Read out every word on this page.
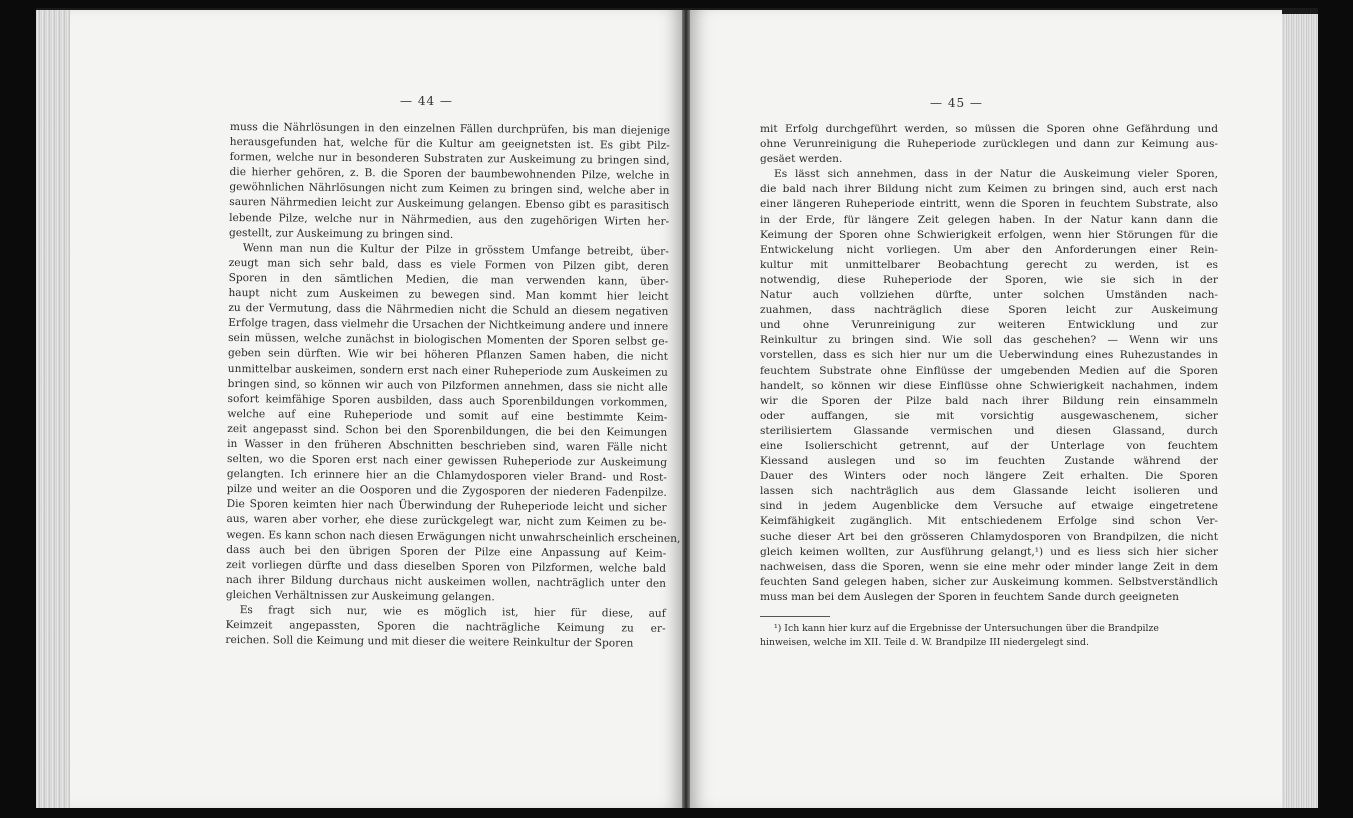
— 44 —
muss die Nährlösungen in den einzelnen Fällen durchprüfen, bis man diejenige
herausgefunden hat, welche für die Kultur am geeignetsten ist. Es gibt Pilz-
formen, welche nur in besonderen Substraten zur Auskeimung zu bringen sind,
die hierher gehören, z. B. die Sporen der baumbewohnenden Pilze, welche in
gewöhnlichen Nährlösungen nicht zum Keimen zu bringen sind, welche aber in
sauren Nährmedien leicht zur Auskeimung gelangen. Ebenso gibt es parasitisch
lebende Pilze, welche nur in Nährmedien, aus den zugehörigen Wirten her-
gestellt, zur Auskeimung zu bringen sind.
Wenn man nun die Kultur der Pilze in grösstem Umfange betreibt, über-
zeugt man sich sehr bald, dass es viele Formen von Pilzen gibt, deren
Sporen in den sämtlichen Medien, die man verwenden kann, über-
haupt nicht zum Auskeimen zu bewegen sind. Man kommt hier leicht
zu der Vermutung, dass die Nährmedien nicht die Schuld an diesem negativen
Erfolge tragen, dass vielmehr die Ursachen der Nichtkeimung andere und innere
sein müssen, welche zunächst in biologischen Momenten der Sporen selbst ge-
geben sein dürften. Wie wir bei höheren Pflanzen Samen haben, die nicht
unmittelbar auskeimen, sondern erst nach einer Ruheperiode zum Auskeimen zu
bringen sind, so können wir auch von Pilzformen annehmen, dass sie nicht alle
sofort keimfähige Sporen ausbilden, dass auch Sporenbildungen vorkommen,
welche auf eine Ruheperiode und somit auf eine bestimmte Keim-
zeit angepasst sind. Schon bei den Sporenbildungen, die bei den Keimungen
in Wasser in den früheren Abschnitten beschrieben sind, waren Fälle nicht
selten, wo die Sporen erst nach einer gewissen Ruheperiode zur Auskeimung
gelangten. Ich erinnere hier an die Chlamydosporen vieler Brand- und Rost-
pilze und weiter an die Oosporen und die Zygosporen der niederen Fadenpilze.
Die Sporen keimten hier nach Überwindung der Ruheperiode leicht und sicher
aus, waren aber vorher, ehe diese zurückgelegt war, nicht zum Keimen zu be-
wegen. Es kann schon nach diesen Erwägungen nicht unwahrscheinlich erscheinen,
dass auch bei den übrigen Sporen der Pilze eine Anpassung auf Keim-
zeit vorliegen dürfte und dass dieselben Sporen von Pilzformen, welche bald
nach ihrer Bildung durchaus nicht auskeimen wollen, nachträglich unter den
gleichen Verhältnissen zur Auskeimung gelangen.
Es fragt sich nur, wie es möglich ist, hier für diese, auf
Keimzeit angepassten, Sporen die nachträgliche Keimung zu er-
reichen. Soll die Keimung und mit dieser die weitere Reinkultur der Sporen
— 45 —
mit Erfolg durchgeführt werden, so müssen die Sporen ohne Gefährdung und
ohne Verunreinigung die Ruheperiode zurücklegen und dann zur Keimung aus-
gesäet werden.
Es lässt sich annehmen, dass in der Natur die Auskeimung vieler Sporen,
die bald nach ihrer Bildung nicht zum Keimen zu bringen sind, auch erst nach
einer längeren Ruheperiode eintritt, wenn die Sporen in feuchtem Substrate, also
in der Erde, für längere Zeit gelegen haben. In der Natur kann dann die
Keimung der Sporen ohne Schwierigkeit erfolgen, wenn hier Störungen für die
Entwickelung nicht vorliegen. Um aber den Anforderungen einer Rein-
kultur mit unmittelbarer Beobachtung gerecht zu werden, ist es
notwendig, diese Ruheperiode der Sporen, wie sie sich in der
Natur auch vollziehen dürfte, unter solchen Umständen nach-
zuahmen, dass nachträglich diese Sporen leicht zur Auskeimung
und ohne Verunreinigung zur weiteren Entwicklung und zur
Reinkultur zu bringen sind. Wie soll das geschehen? — Wenn wir uns
vorstellen, dass es sich hier nur um die Ueberwindung eines Ruhezustandes in
feuchtem Substrate ohne Einflüsse der umgebenden Medien auf die Sporen
handelt, so können wir diese Einflüsse ohne Schwierigkeit nachahmen, indem
wir die Sporen der Pilze bald nach ihrer Bildung rein einsammeln
oder auffangen, sie mit vorsichtig ausgewaschenem, sicher
sterilisiertem Glassande vermischen und diesen Glassand, durch
eine Isolierschicht getrennt, auf der Unterlage von feuchtem
Kiessand auslegen und so im feuchten Zustande während der
Dauer des Winters oder noch längere Zeit erhalten. Die Sporen
lassen sich nachträglich aus dem Glassande leicht isolieren und
sind in jedem Augenblicke dem Versuche auf etwaige eingetretene
Keimfähigkeit zugänglich. Mit entschiedenem Erfolge sind schon Ver-
suche dieser Art bei den grösseren Chlamydosporen von Brandpilzen, die nicht
gleich keimen wollten, zur Ausführung gelangt,¹) und es liess sich hier sicher
nachweisen, dass die Sporen, wenn sie eine mehr oder minder lange Zeit in dem
feuchten Sand gelegen haben, sicher zur Auskeimung kommen. Selbstverständlich
muss man bei dem Auslegen der Sporen in feuchtem Sande durch geeigneten
¹) Ich kann hier kurz auf die Ergebnisse der Untersuchungen über die Brandpilze
hinweisen, welche im XII. Teile d. W. Brandpilze III niedergelegt sind.
